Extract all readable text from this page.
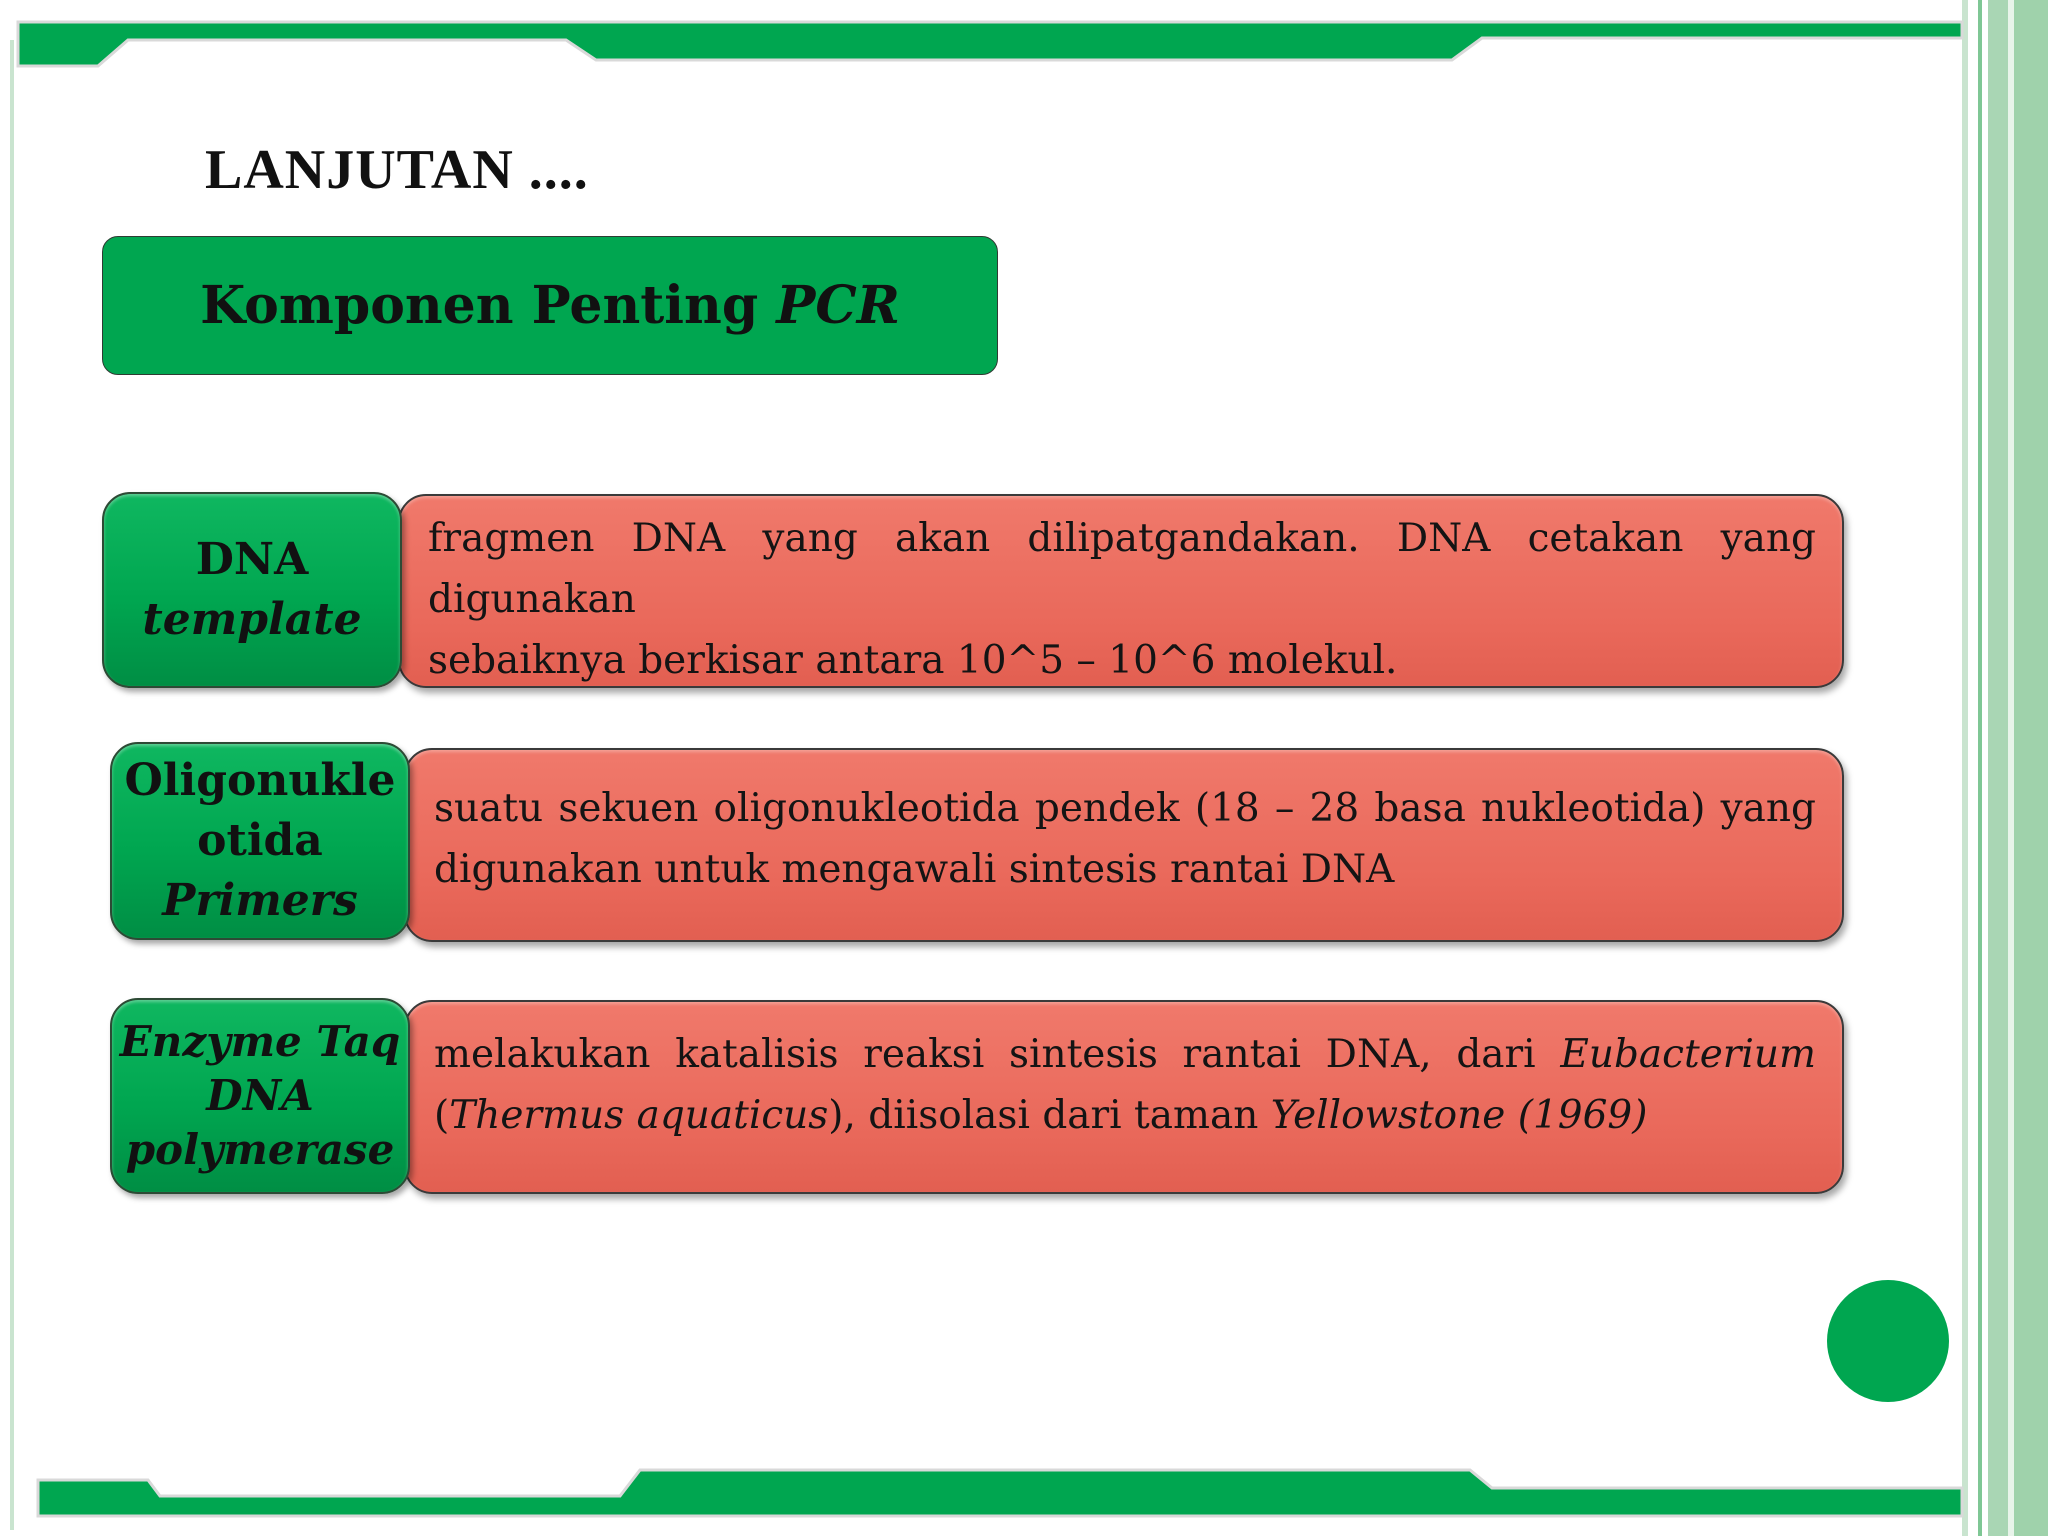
LANJUTAN ....
Komponen Penting PCR
DNA
template
fragmen DNA yang akan dilipatgandakan. DNA cetakan yang digunakan
sebaiknya berkisar antara 10^5 – 10^6 molekul.
Oligonukle
otida
Primers
suatu sekuen oligonukleotida pendek (18 – 28 basa nukleotida) yang
digunakan untuk mengawali sintesis rantai DNA
Enzyme Taq
DNA
polymerase
melakukan katalisis reaksi sintesis rantai DNA, dari Eubacterium
(Thermus aquaticus), diisolasi dari taman Yellowstone (1969)
